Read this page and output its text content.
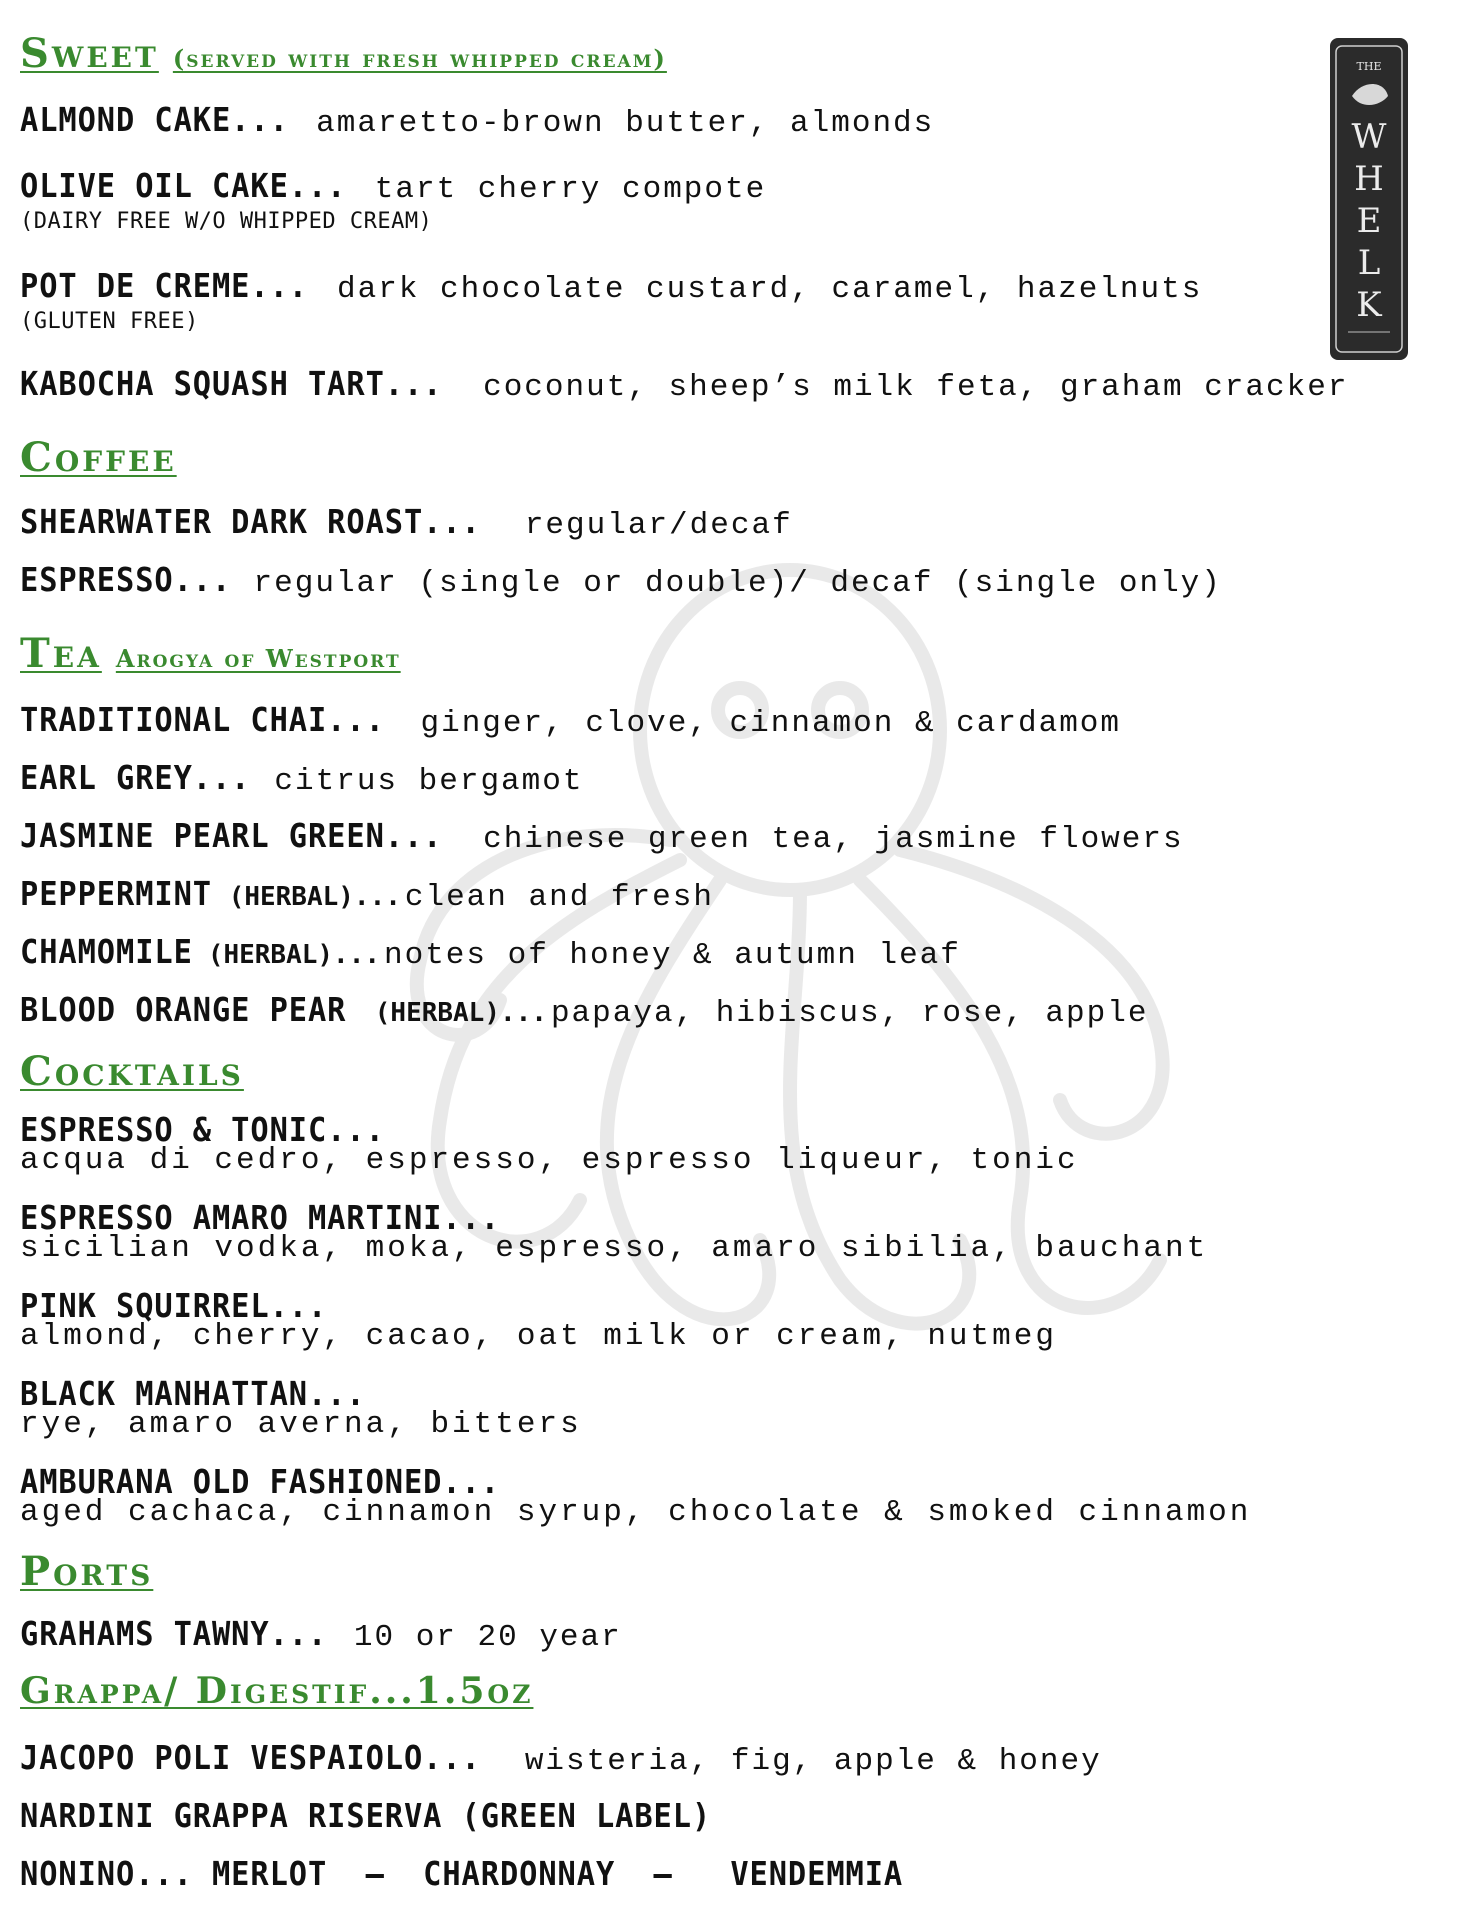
THE
W
H
E
L
K
Sweet (served with fresh whipped cream)
ALMOND CAKE... amaretto-brown butter, almonds
OLIVE OIL CAKE... tart cherry compote
(DAIRY FREE W/O WHIPPED CREAM)
POT DE CREME... dark chocolate custard, caramel, hazelnuts
(GLUTEN FREE)
KABOCHA SQUASH TART... coconut, sheep’s milk feta, graham cracker
Coffee
SHEARWATER DARK ROAST... regular/decaf
ESPRESSO... regular (single or double)/ decaf (single only)
Tea Arogya of Westport
TRADITIONAL CHAI... ginger, clove, cinnamon & cardamom
EARL GREY... citrus bergamot
JASMINE PEARL GREEN... chinese green tea, jasmine flowers
PEPPERMINT (HERBAL)... clean and fresh
CHAMOMILE (HERBAL)... notes of honey & autumn leaf
BLOOD ORANGE PEAR (HERBAL)... papaya, hibiscus, rose, apple
Cocktails
ESPRESSO & TONIC...
acqua di cedro, espresso, espresso liqueur, tonic
ESPRESSO AMARO MARTINI...
sicilian vodka, moka, espresso, amaro sibilia, bauchant
PINK SQUIRREL...
almond, cherry, cacao, oat milk or cream, nutmeg
BLACK MANHATTAN...
rye, amaro averna, bitters
AMBURANA OLD FASHIONED...
aged cachaca, cinnamon syrup, chocolate & smoked cinnamon
Ports
GRAHAMS TAWNY... 10 or 20 year
Grappa/ Digestif...1.5oz
JACOPO POLI VESPAIOLO... wisteria, fig, apple & honey
NARDINI GRAPPA RISERVA (GREEN LABEL)
NONINO... MERLOT  —  CHARDONNAY  —   VENDEMMIA
